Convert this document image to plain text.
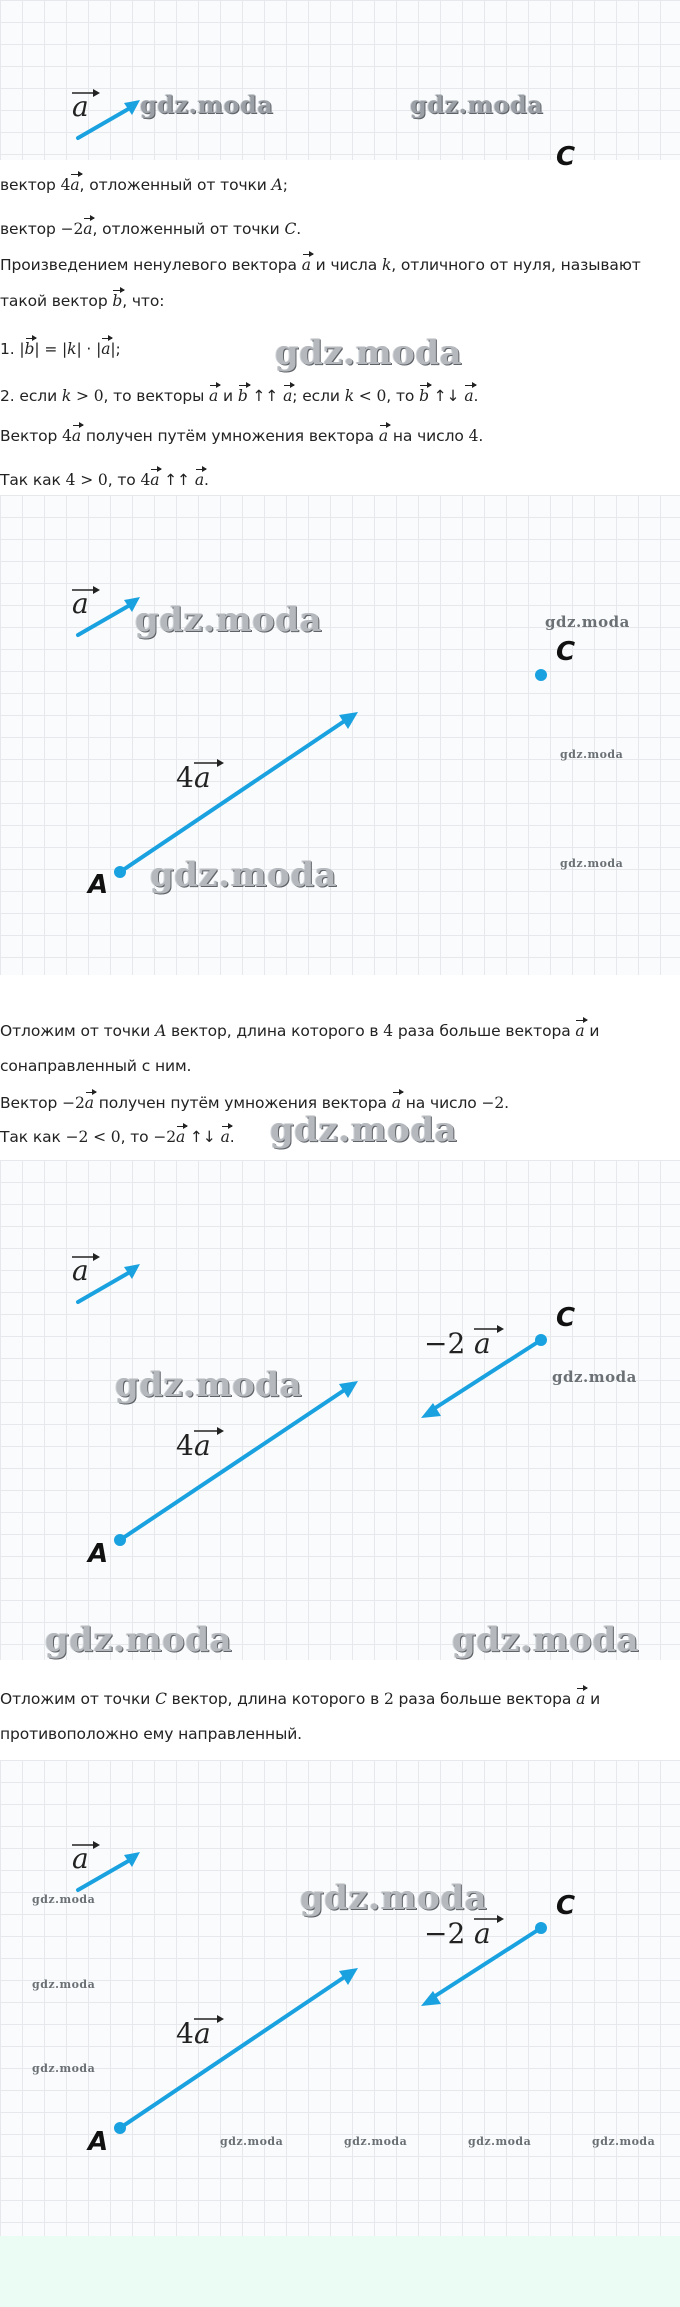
a
C
gdz.moda	gdz.moda
вектор 4a, отложенный от точки A;
вектор −2a, отложенный от точки C.
Произведением ненулевого вектора a и числа k, отличного от нуля, называют
такой вектор b, что:
1. |b| = |k| · |a|;	gdz.moda
2. если k > 0, то векторы a и b ↑↑ a; если k < 0, то b ↑↓ a.
Вектор 4a получен путём умножения вектора a на число 4.
Так как 4 > 0, то 4a ↑↑ a.
a
A
4 a
C
gdz.moda
gdz.moda
gdz.moda
gdz.moda
gdz.moda
Отложим от точки A вектор, длина которого в 4 раза больше вектора a и
сонаправленный с ним.
Вектор −2a получен путём умножения вектора a на число −2.
Так как −2 < 0, то −2a ↑↓ a.	gdz.moda
a
A
4 a
C
−2 a
gdz.moda	gdz.moda
gdz.moda	gdz.moda
Отложим от точки C вектор, длина которого в 2 раза больше вектора a и
противоположно ему направленный.
a
A
4 a
C
−2 a
gdz.moda
gdz.moda
gdz.moda
gdz.moda
gdz.moda	gdz.moda	gdz.moda	gdz.moda
